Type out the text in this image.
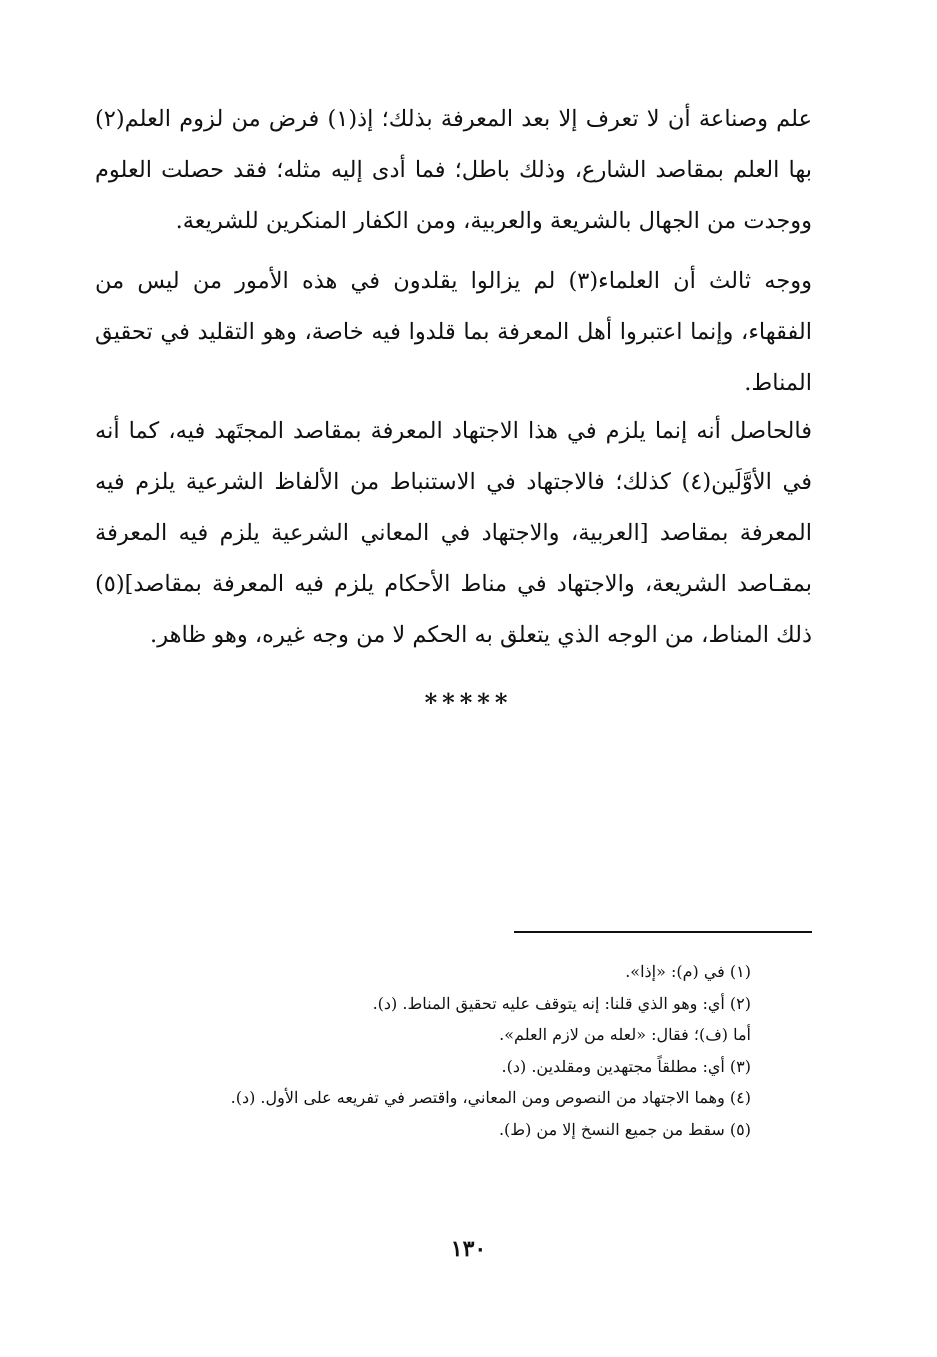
علم وصناعة أن لا تعرف إلا بعد المعرفة بذلك؛ إذ(١) فرض من لزوم العلم(٢) بها العلم بمقاصد الشارع، وذلك باطل؛ فما أدى إليه مثله؛ فقد حصلت العلوم ووجدت من الجهال بالشريعة والعربية، ومن الكفار المنكرين للشريعة.

ووجه ثالث أن العلماء(٣) لم يزالوا يقلدون في هذه الأمور من ليس من الفقهاء، وإنما اعتبروا أهل المعرفة بما قلدوا فيه خاصة، وهو التقليد في تحقيق المناط.

فالحاصل أنه إنما يلزم في هذا الاجتهاد المعرفة بمقاصد المجتَهد فيه، كما أنه في الأوَّلَين(٤) كذلك؛ فالاجتهاد في الاستنباط من الألفاظ الشرعية يلزم فيه المعرفة بمقاصد [العربية، والاجتهاد في المعاني الشرعية يلزم فيه المعرفة بمقـاصد الشريعة، والاجتهاد في مناط الأحكام يلزم فيه المعرفة بمقاصد](٥) ذلك المناط، من الوجه الذي يتعلق به الحكم لا من وجه غيره، وهو ظاهر.

*****
(١) في (م): «إذا».
(٢) أي: وهو الذي قلنا: إنه يتوقف عليه تحقيق المناط. (د).
أما (ف)؛ فقال: «لعله من لازم العلم».
(٣) أي: مطلقاً مجتهدين ومقلدين. (د).
(٤) وهما الاجتهاد من النصوص ومن المعاني، واقتصر في تفريعه على الأول. (د).
(٥) سقط من جميع النسخ إلا من (ط).
١٣٠
